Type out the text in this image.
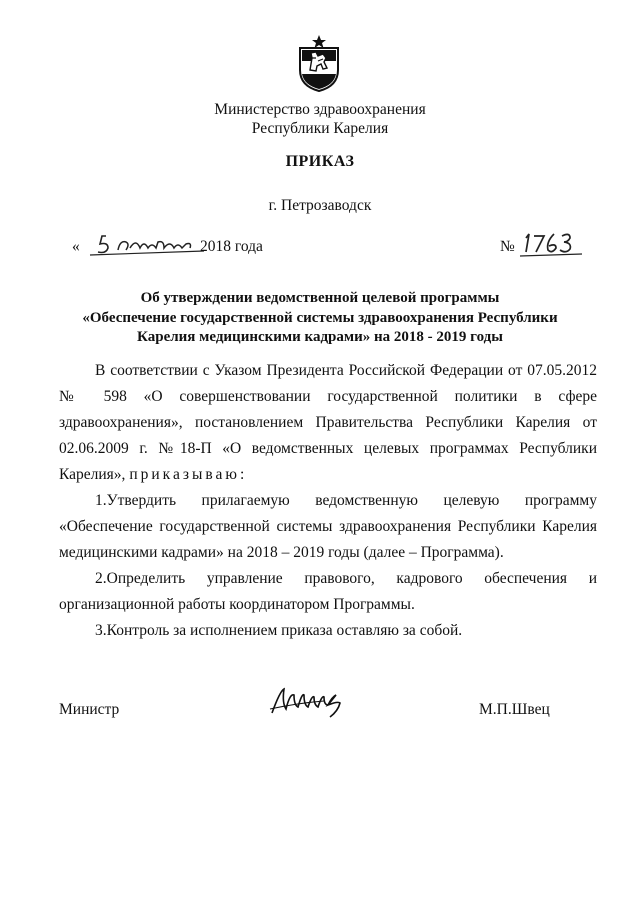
Министерство здравоохранения
Республики Карелия
ПРИКАЗ
г. Петрозаводск
«	2018 года	№
Об утверждении ведомственной целевой программы
«Обеспечение государственной системы здравоохранения Республики
Карелия медицинскими кадрами» на 2018 - 2019 годы
В соответствии с Указом Президента Российской Федерации от 07.05.2012
№ 598 «О совершенствовании государственной политики в сфере
здравоохранения», постановлением Правительства Республики Карелия от
02.06.2009 г. №18-П «О ведомственных целевых программах Республики
Карелия», приказываю:
1.Утвердить прилагаемую ведомственную целевую программу
«Обеспечение государственной системы здравоохранения Республики Карелия
медицинскими кадрами» на 2018 – 2019 годы (далее – Программа).
2.Определить управление правового, кадрового обеспечения и
организационной работы координатором Программы.
3.Контроль за исполнением приказа оставляю за собой.
Министр	М.П.Швец
